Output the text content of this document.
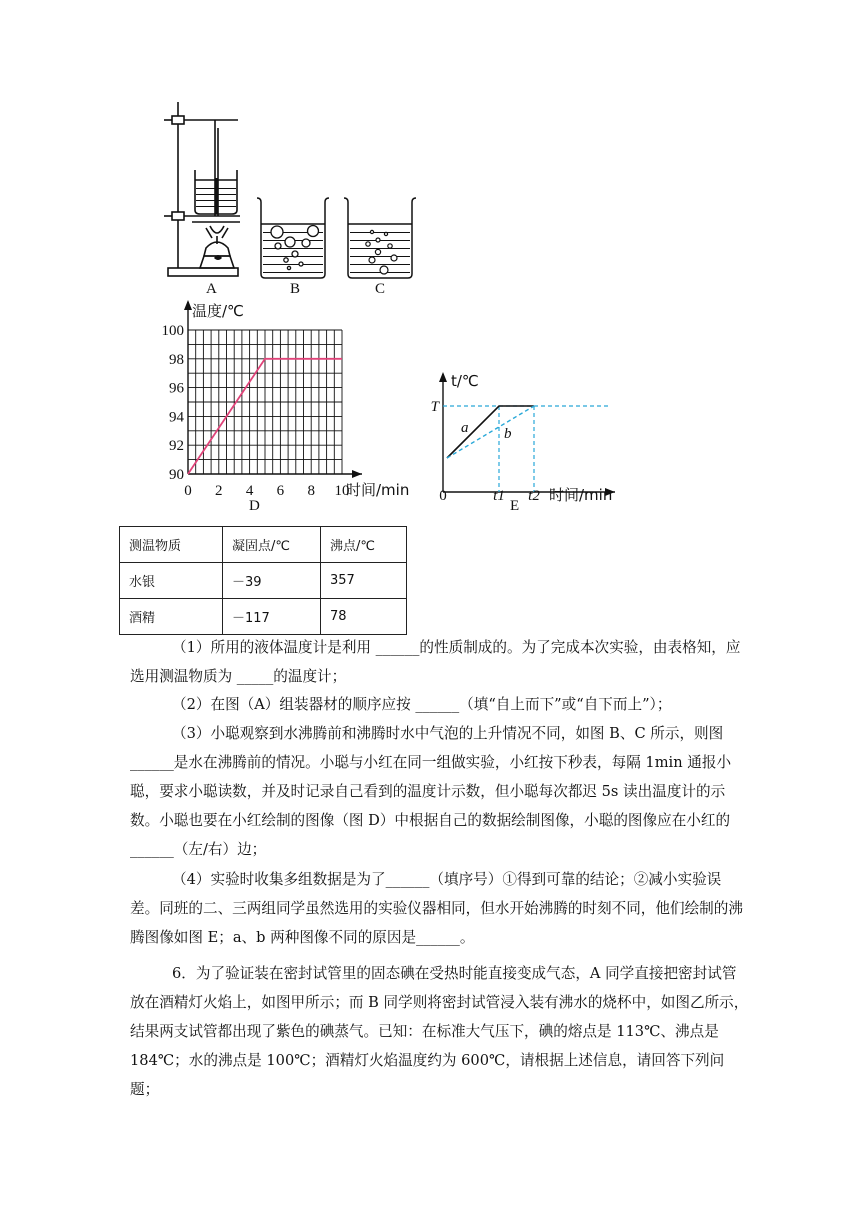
A	B	C
温度/℃
时间/min
0 2 4 6 8 10
90
92
94
96
98
100
D
a b
t/℃
时间/min
T
0	t1 t2
E
测温物质	凝固点/℃	沸点/℃
水银	－39	357
酒精	－117	78
（1）所用的液体温度计是利用 ______的性质制成的。为了完成本次实验，由表格知，应选用测温物质为 _____的温度计；
（2）在图（A）组装器材的顺序应按 ______（填“自上而下”或“自下而上”）；
（3）小聪观察到水沸腾前和沸腾时水中气泡的上升情况不同，如图 B、C 所示，则图______是水在沸腾前的情况。小聪与小红在同一组做实验，小红按下秒表，每隔 1min 通报小聪，要求小聪读数，并及时记录自己看到的温度计示数，但小聪每次都迟 5s 读出温度计的示数。小聪也要在小红绘制的图像（图 D）中根据自己的数据绘制图像，小聪的图像应在小红的______（左/右）边；
（4）实验时收集多组数据是为了______（填序号）①得到可靠的结论；②减小实验误差。同班的二、三两组同学虽然选用的实验仪器相同，但水开始沸腾的时刻不同，他们绘制的沸腾图像如图 E；a、b 两种图像不同的原因是______。
6．为了验证装在密封试管里的固态碘在受热时能直接变成气态，A 同学直接把密封试管放在酒精灯火焰上，如图甲所示；而 B 同学则将密封试管浸入装有沸水的烧杯中，如图乙所示，结果两支试管都出现了紫色的碘蒸气。已知：在标准大气压下，碘的熔点是 113℃、沸点是 184℃；水的沸点是 100℃；酒精灯火焰温度约为 600℃，请根据上述信息，请回答下列问题；
